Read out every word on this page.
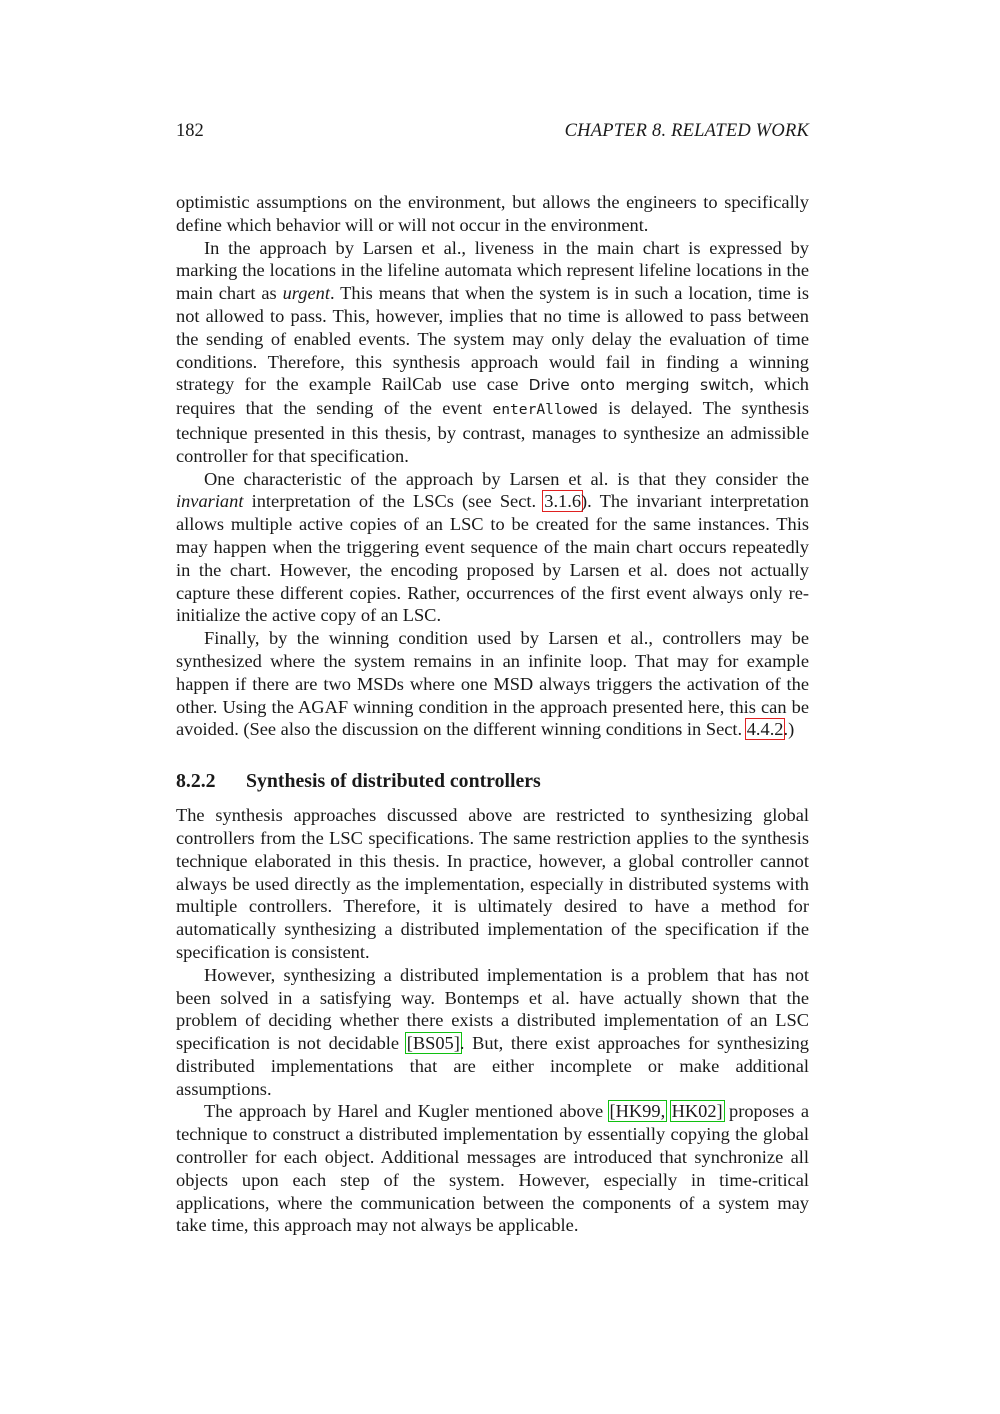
182	CHAPTER 8. RELATED WORK

optimistic assumptions on the environment, but allows the engineers to specifically define which behavior will or will not occur in the environment.

In the approach by Larsen et al., liveness in the main chart is expressed by marking the locations in the lifeline automata which represent lifeline locations in the main chart as urgent. This means that when the system is in such a location, time is not allowed to pass. This, however, implies that no time is allowed to pass between the sending of enabled events. The system may only delay the evaluation of time conditions. Therefore, this synthesis approach would fail in finding a winning strategy for the example RailCab use case Drive onto merging switch, which requires that the sending of the event enterAllowed is delayed. The synthesis technique presented in this thesis, by contrast, manages to synthesize an admissible controller for that specification.

One characteristic of the approach by Larsen et al. is that they consider the invariant interpretation of the LSCs (see Sect. 3.1.6). The invariant interpretation allows multiple active copies of an LSC to be created for the same instances. This may happen when the triggering event sequence of the main chart occurs repeatedly in the chart. However, the encoding proposed by Larsen et al. does not actually capture these different copies. Rather, occurrences of the first event always only re-initialize the active copy of an LSC.

Finally, by the winning condition used by Larsen et al., controllers may be synthesized where the system remains in an infinite loop. That may for example happen if there are two MSDs where one MSD always triggers the activation of the other. Using the AGAF winning condition in the approach presented here, this can be avoided. (See also the discussion on the different winning conditions in Sect. 4.4.2.)

8.2.2 Synthesis of distributed controllers

The synthesis approaches discussed above are restricted to synthesizing global controllers from the LSC specifications. The same restriction applies to the synthesis technique elaborated in this thesis. In practice, however, a global controller cannot always be used directly as the implementation, especially in distributed systems with multiple controllers. Therefore, it is ultimately desired to have a method for automatically synthesizing a distributed implementation of the specification if the specification is consistent.

However, synthesizing a distributed implementation is a problem that has not been solved in a satisfying way. Bontemps et al. have actually shown that the problem of deciding whether there exists a distributed implementation of an LSC specification is not decidable [BS05]. But, there exist approaches for synthesizing distributed implementations that are either incomplete or make additional assumptions.

The approach by Harel and Kugler mentioned above [HK99, HK02] proposes a technique to construct a distributed implementation by essentially copying the global controller for each object. Additional messages are introduced that synchronize all objects upon each step of the system. However, especially in time-critical applications, where the communication between the components of a system may take time, this approach may not always be applicable.
